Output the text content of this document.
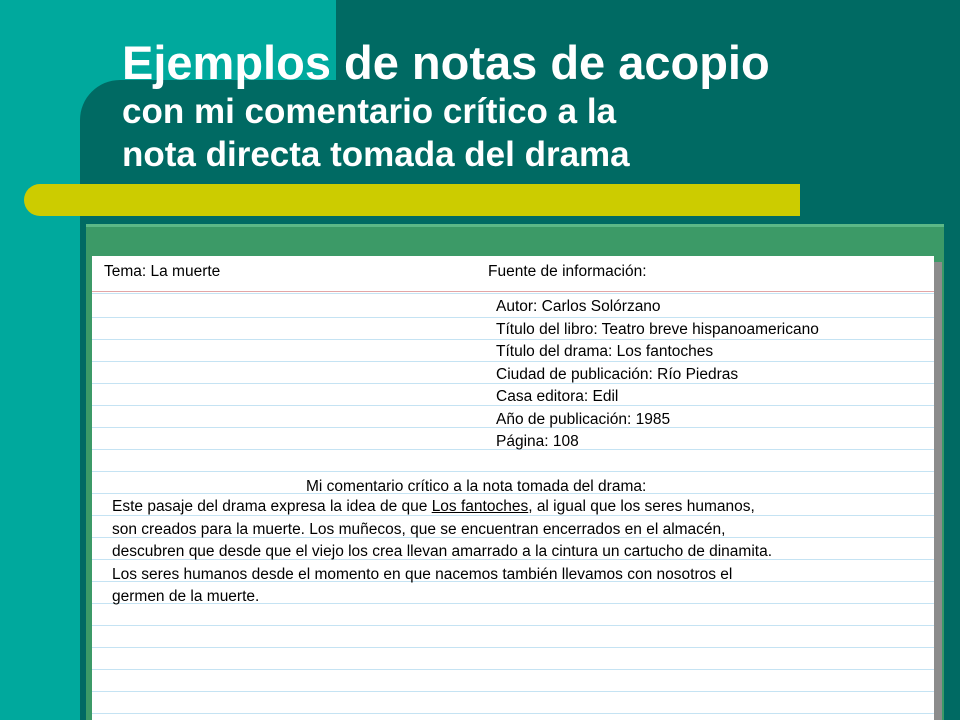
Ejemplos de notas de acopio
con mi comentario crítico a la
nota directa tomada del drama
Tema: La muerte	Fuente de información:
Autor: Carlos Solórzano
Título del libro: Teatro breve hispanoamericano
Título del drama: Los fantoches
Ciudad de publicación: Río Piedras
Casa editora: Edil
Año de publicación: 1985
Página: 108
Mi comentario crítico a la nota tomada del drama:

Este pasaje del drama expresa la idea de que Los fantoches, al igual que los seres humanos,

son creados para la muerte. Los muñecos, que se encuentran encerrados en el almacén,

descubren que desde que el viejo los crea llevan amarrado a la cintura un cartucho de dinamita.

Los seres humanos desde el momento en que nacemos también llevamos con nosotros el

germen de la muerte.
